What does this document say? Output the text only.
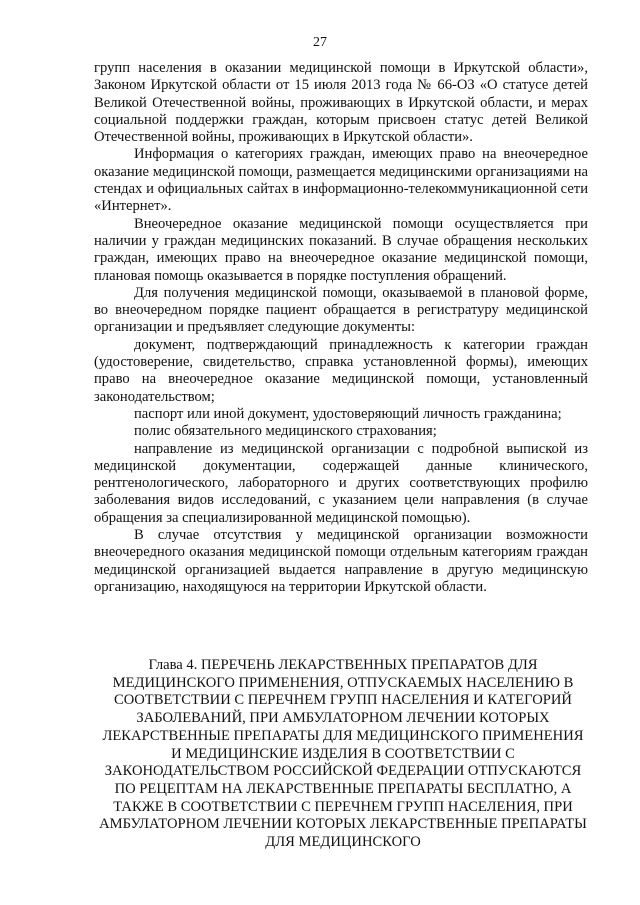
27

групп населения в оказании медицинской помощи в Иркутской области», Законом Иркутской области от 15 июля 2013 года № 66-ОЗ «О статусе детей Великой Отечественной войны, проживающих в Иркутской области, и мерах социальной поддержки граждан, которым присвоен статус детей Великой Отечественной войны, проживающих в Иркутской области».

Информация о категориях граждан, имеющих право на внеочередное оказание медицинской помощи, размещается медицинскими организациями на стендах и официальных сайтах в информационно-телекоммуникационной сети «Интернет».

Внеочередное оказание медицинской помощи осуществляется при наличии у граждан медицинских показаний. В случае обращения нескольких граждан, имеющих право на внеочередное оказание медицинской помощи, плановая помощь оказывается в порядке поступления обращений.

Для получения медицинской помощи, оказываемой в плановой форме, во внеочередном порядке пациент обращается в регистратуру медицинской организации и предъявляет следующие документы:

документ, подтверждающий принадлежность к категории граждан (удостоверение, свидетельство, справка установленной формы), имеющих право на внеочередное оказание медицинской помощи, установленный законодательством;

паспорт или иной документ, удостоверяющий личность гражданина;

полис обязательного медицинского страхования;

направление из медицинской организации с подробной выпиской из медицинской документации, содержащей данные клинического, рентгенологического, лабораторного и других соответствующих профилю заболевания видов исследований, с указанием цели направления (в случае обращения за специализированной медицинской помощью).

В случае отсутствия у медицинской организации возможности внеочередного оказания медицинской помощи отдельным категориям граждан медицинской организацией выдается направление в другую медицинскую организацию, находящуюся на территории Иркутской области.

Глава 4. ПЕРЕЧЕНЬ ЛЕКАРСТВЕННЫХ ПРЕПАРАТОВ ДЛЯ МЕДИЦИНСКОГО ПРИМЕНЕНИЯ, ОТПУСКАЕМЫХ НАСЕЛЕНИЮ В СООТВЕТСТВИИ С ПЕРЕЧНЕМ ГРУПП НАСЕЛЕНИЯ И КАТЕГОРИЙ ЗАБОЛЕВАНИЙ, ПРИ АМБУЛАТОРНОМ ЛЕЧЕНИИ КОТОРЫХ ЛЕКАРСТВЕННЫЕ ПРЕПАРАТЫ ДЛЯ МЕДИЦИНСКОГО ПРИМЕНЕНИЯ И МЕДИЦИНСКИЕ ИЗДЕЛИЯ В СООТВЕТСТВИИ С ЗАКОНОДАТЕЛЬСТВОМ РОССИЙСКОЙ ФЕДЕРАЦИИ ОТПУСКАЮТСЯ ПО РЕЦЕПТАМ НА ЛЕКАРСТВЕННЫЕ ПРЕПАРАТЫ БЕСПЛАТНО, А ТАКЖЕ В СООТВЕТСТВИИ С ПЕРЕЧНЕМ ГРУПП НАСЕЛЕНИЯ, ПРИ АМБУЛАТОРНОМ ЛЕЧЕНИИ КОТОРЫХ ЛЕКАРСТВЕННЫЕ ПРЕПАРАТЫ ДЛЯ МЕДИЦИНСКОГО
